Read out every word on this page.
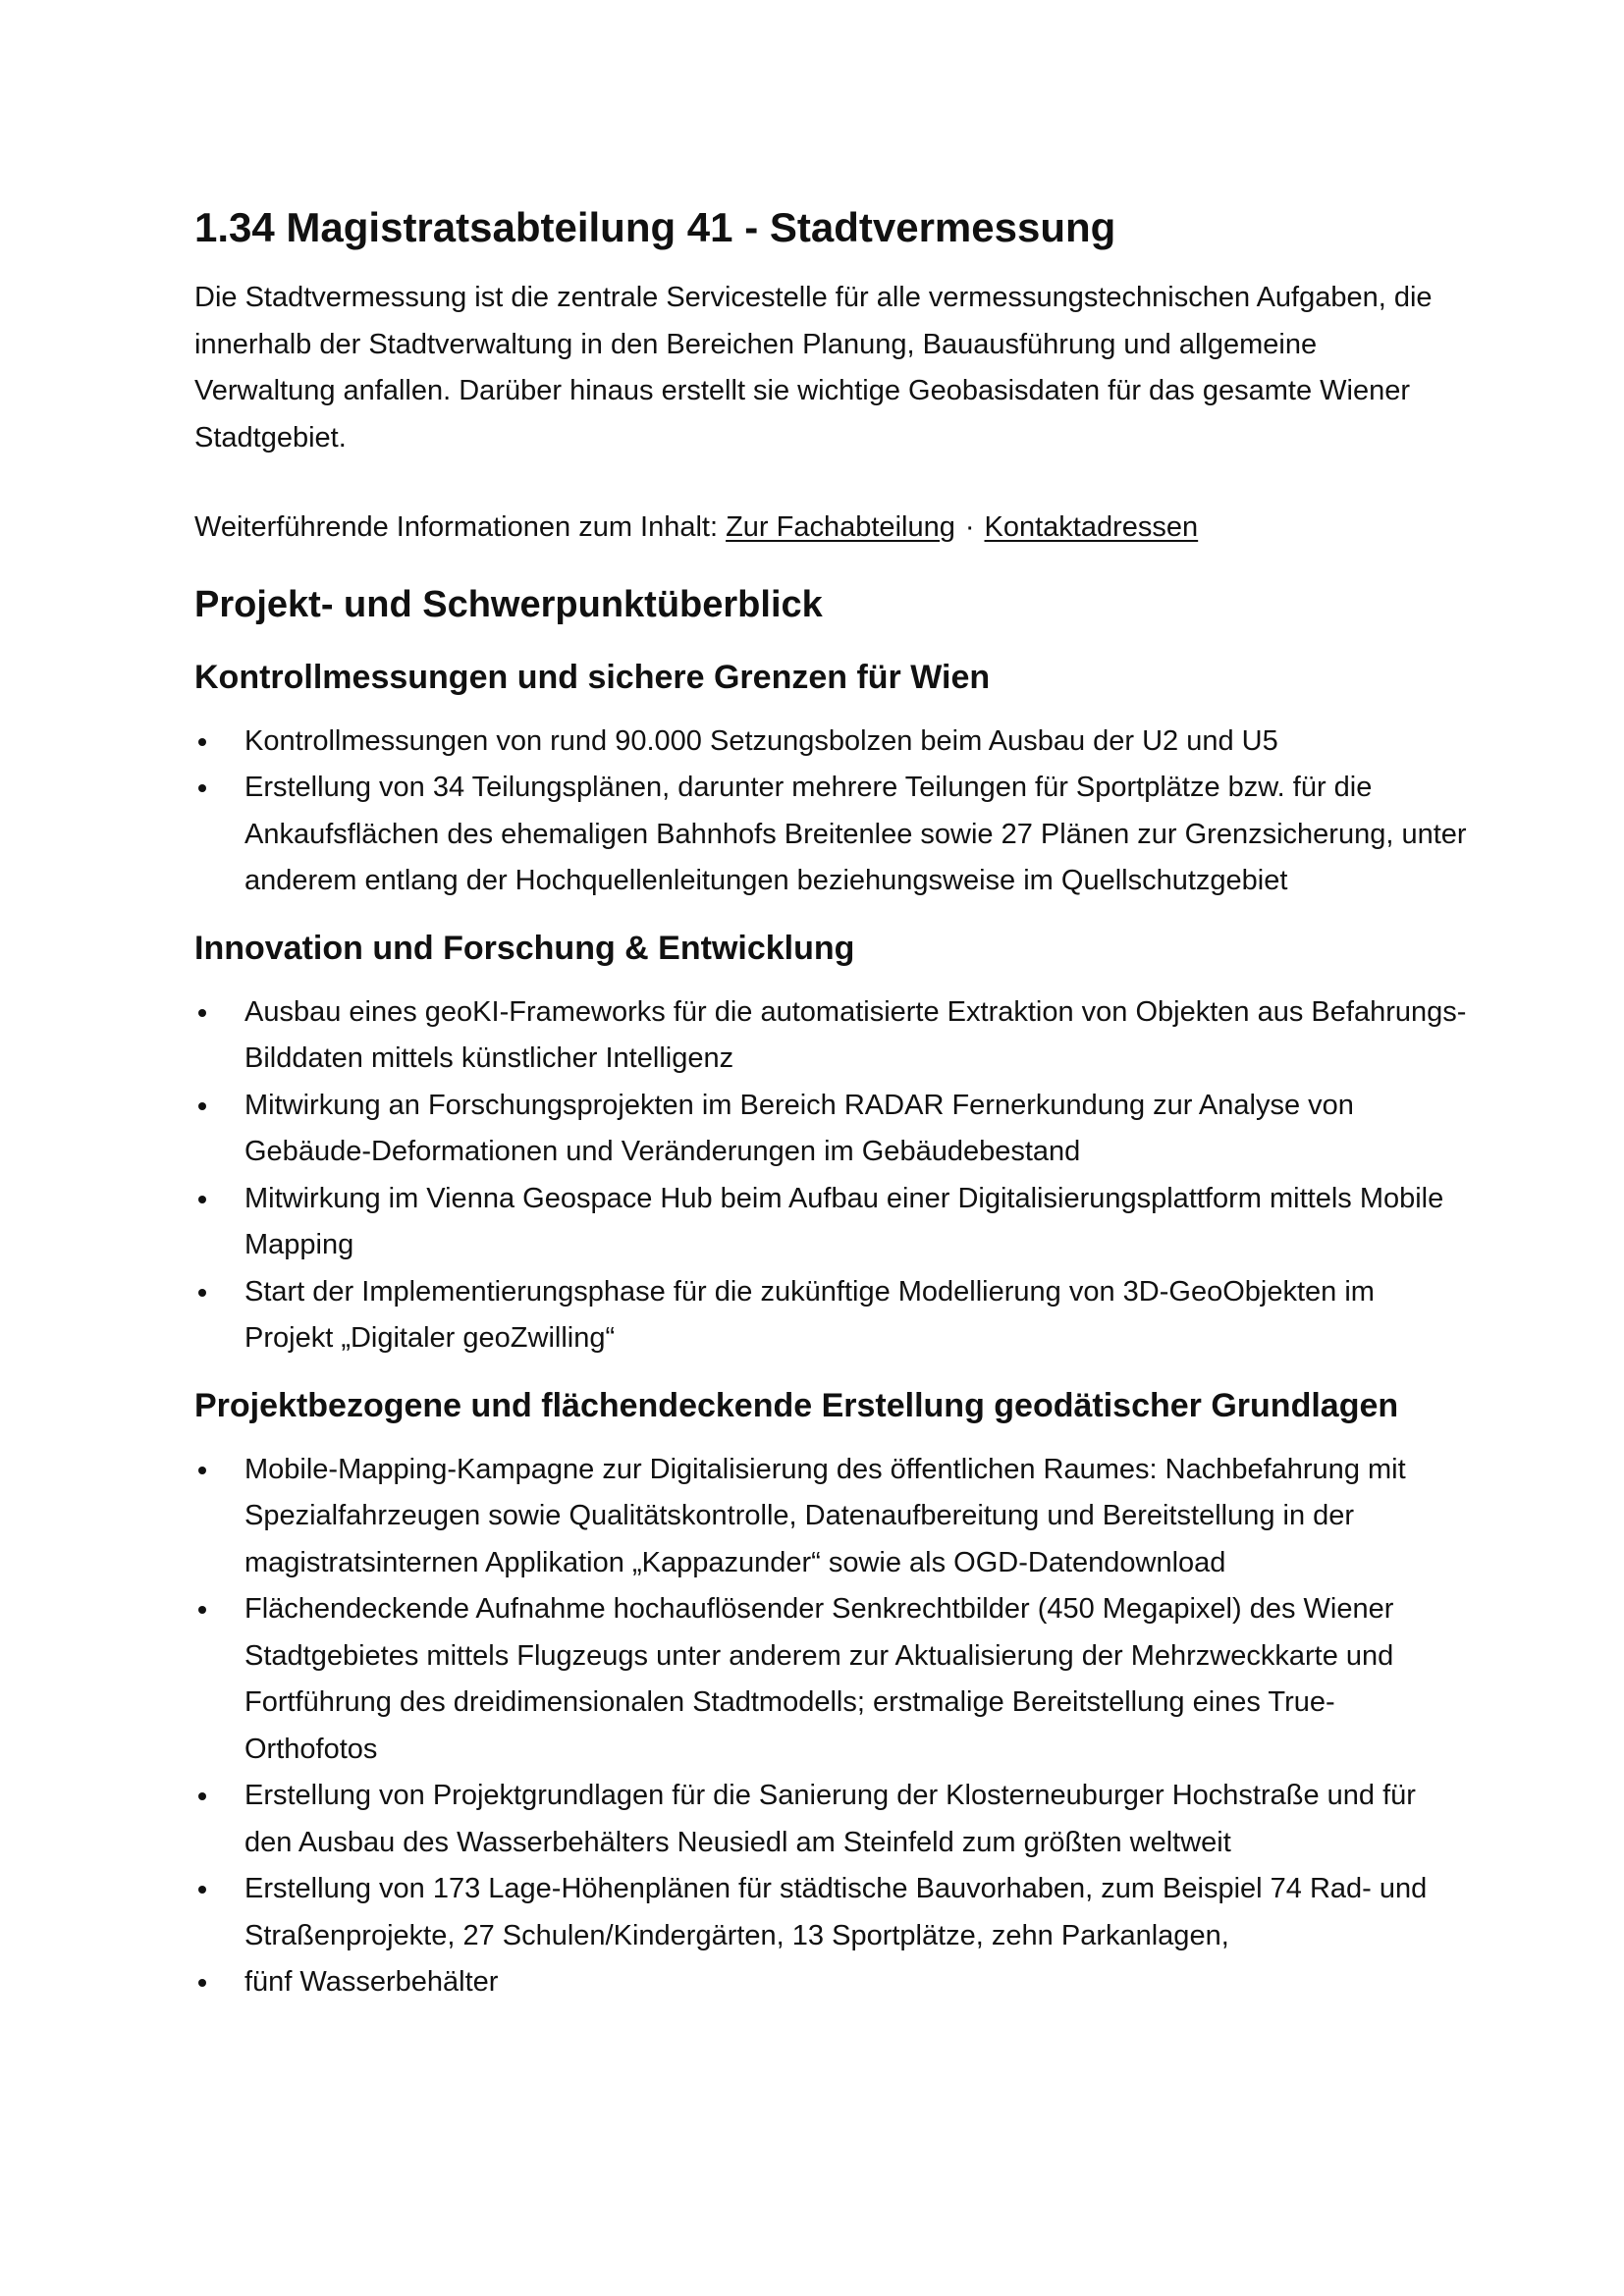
1.34 Magistratsabteilung 41 - Stadtvermessung

Die Stadtvermessung ist die zentrale Servicestelle für alle vermessungstechnischen Aufgaben, die innerhalb der Stadtverwaltung in den Bereichen Planung, Bauausführung und allgemeine Verwaltung anfallen. Darüber hinaus erstellt sie wichtige Geobasisdaten für das gesamte Wiener Stadtgebiet.

Weiterführende Informationen zum Inhalt: Zur Fachabteilung · Kontaktadressen

Projekt- und Schwerpunktüberblick
Kontrollmessungen und sichere Grenzen für Wien
Kontrollmessungen von rund 90.000 Setzungsbolzen beim Ausbau der U2 und U5
Erstellung von 34 Teilungsplänen, darunter mehrere Teilungen für Sportplätze bzw. für die Ankaufsflächen des ehemaligen Bahnhofs Breitenlee sowie 27 Plänen zur Grenzsicherung, unter anderem entlang der Hochquellenleitungen beziehungsweise im Quellschutzgebiet
Innovation und Forschung & Entwicklung
Ausbau eines geoKI-Frameworks für die automatisierte Extraktion von Objekten aus Befahrungs-Bilddaten mittels künstlicher Intelligenz
Mitwirkung an Forschungsprojekten im Bereich RADAR Fernerkundung zur Analyse von Gebäude-Deformationen und Veränderungen im Gebäudebestand
Mitwirkung im Vienna Geospace Hub beim Aufbau einer Digitalisierungsplattform mittels Mobile Mapping
Start der Implementierungsphase für die zukünftige Modellierung von 3D-GeoObjekten im Projekt „Digitaler geoZwilling“
Projektbezogene und flächendeckende Erstellung geodätischer Grundlagen
Mobile-Mapping-Kampagne zur Digitalisierung des öffentlichen Raumes: Nachbefahrung mit Spezialfahrzeugen sowie Qualitätskontrolle, Datenaufbereitung und Bereitstellung in der magistratsinternen Applikation „Kappazunder“ sowie als OGD-Datendownload
Flächendeckende Aufnahme hochauflösender Senkrechtbilder (450 Megapixel) des Wiener Stadtgebietes mittels Flugzeugs unter anderem zur Aktualisierung der Mehrzweckkarte und Fortführung des dreidimensionalen Stadtmodells; erstmalige Bereitstellung eines True-Orthofotos
Erstellung von Projektgrundlagen für die Sanierung der Klosterneuburger Hochstraße und für den Ausbau des Wasserbehälters Neusiedl am Steinfeld zum größten weltweit
Erstellung von 173 Lage-Höhenplänen für städtische Bauvorhaben, zum Beispiel 74 Rad- und Straßenprojekte, 27 Schulen/Kindergärten, 13 Sportplätze, zehn Parkanlagen,
fünf Wasserbehälter
